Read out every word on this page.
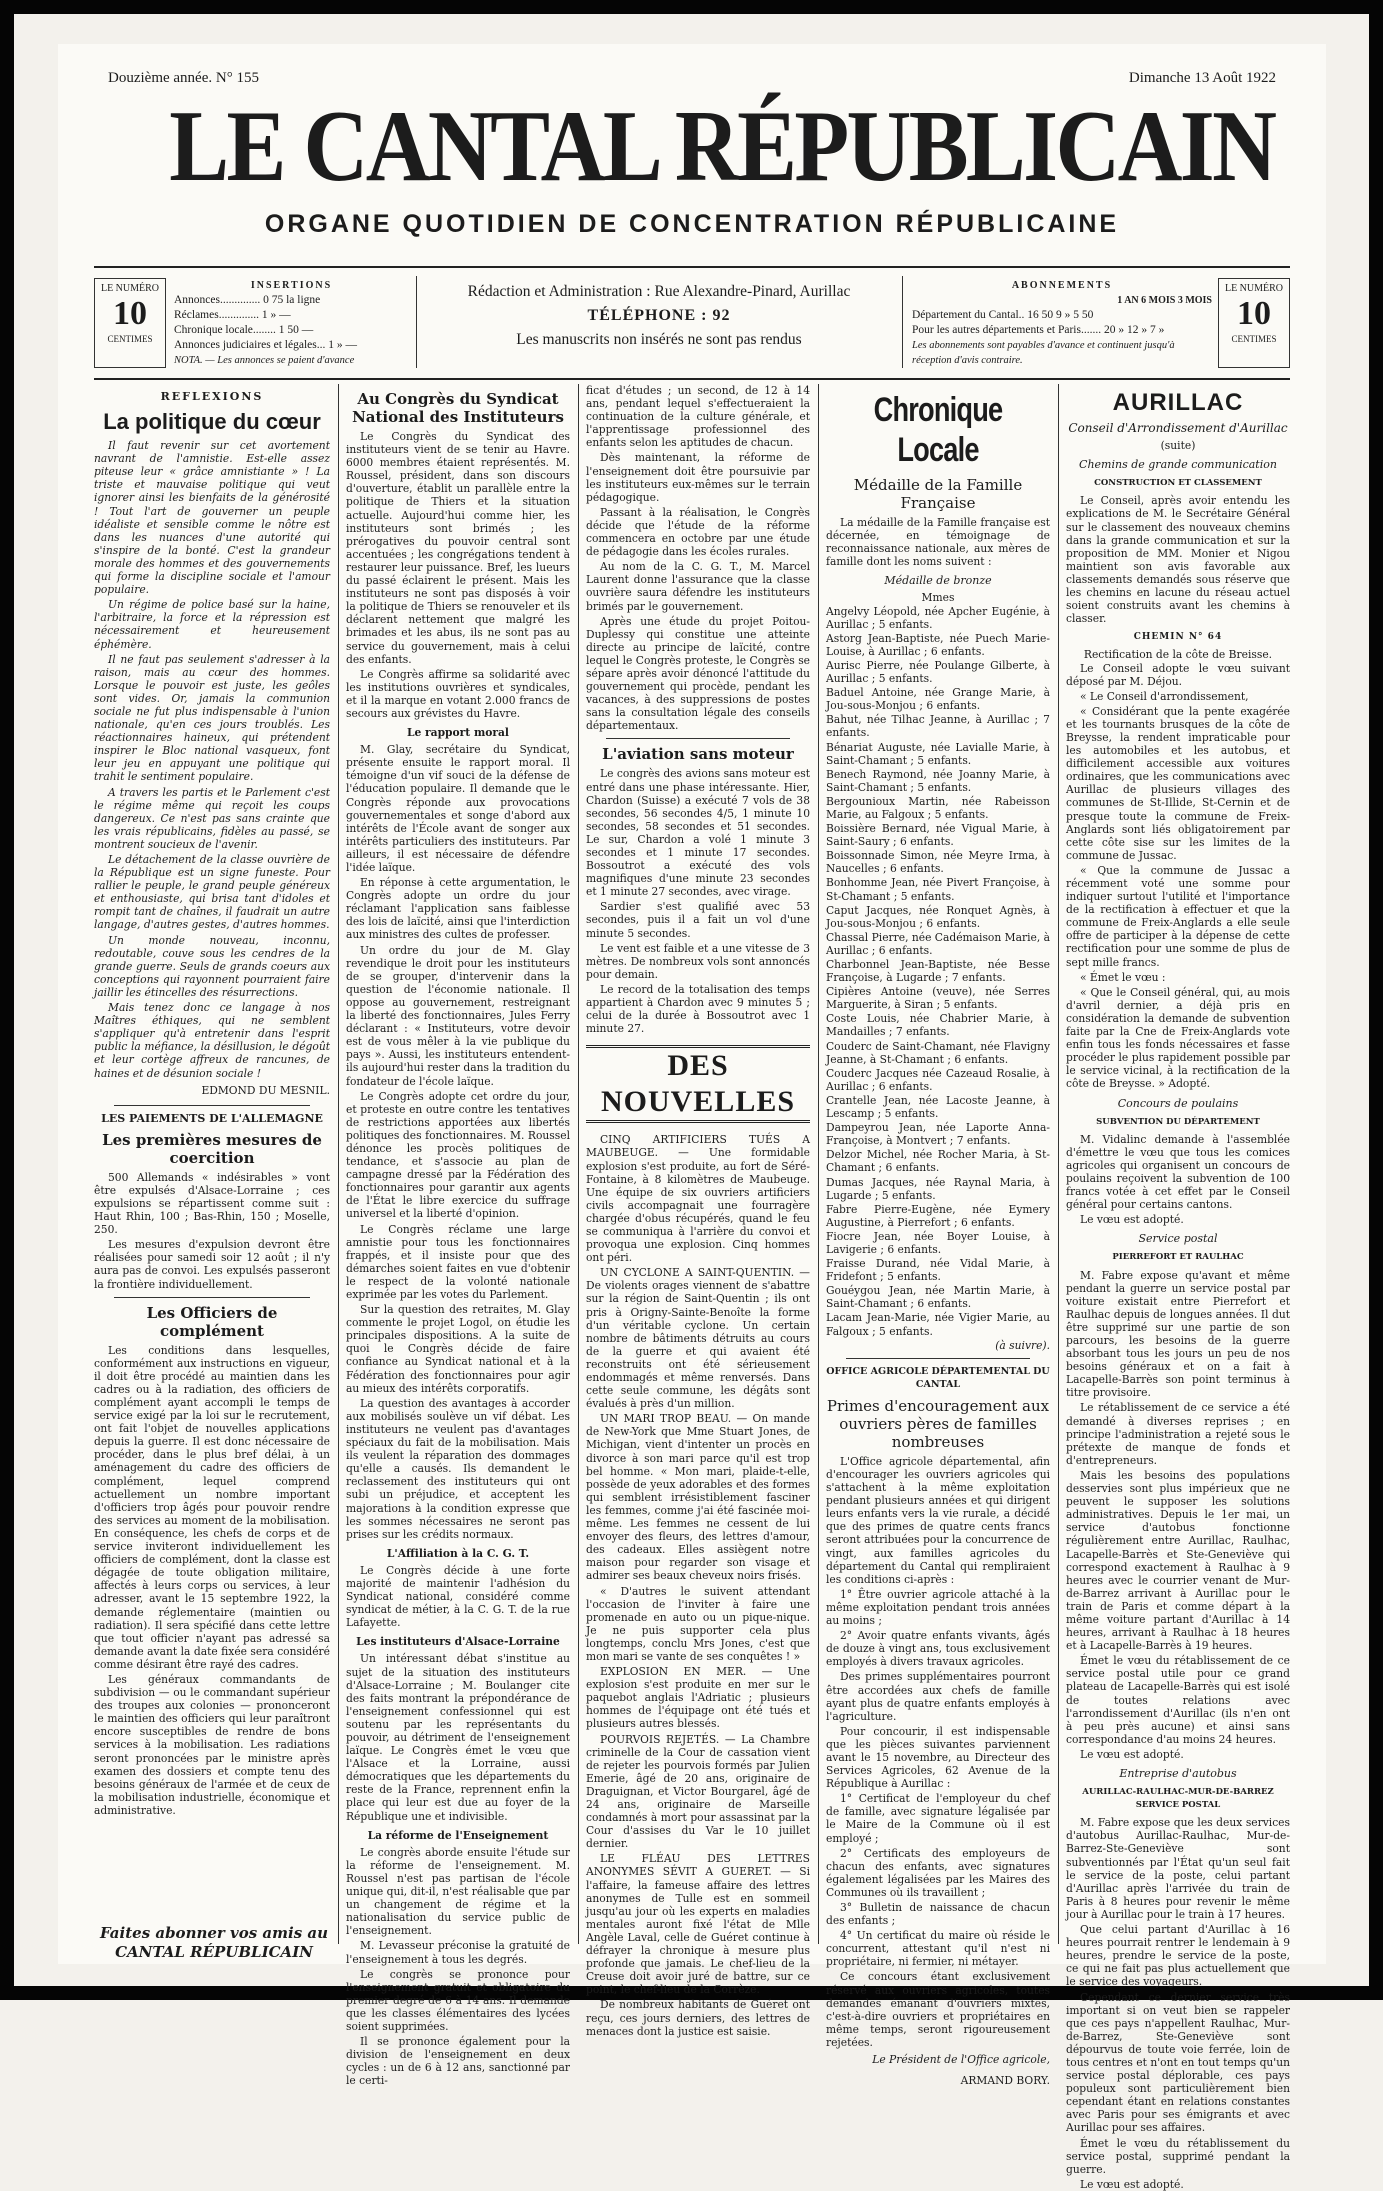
Douzième année. N° 155	Dimanche 13 Août 1922
LE CANTAL RÉPUBLICAIN
ORGANE QUOTIDIEN DE CONCENTRATION RÉPUBLICAINE
LE NUMÉRO
10
CENTIMES
INSERTIONS
Annonces.............. 0 75 la ligne
Réclames.............. 1 » —
Chronique locale........ 1 50 —
Annonces judiciaires et légales... 1 » —
NOTA. — Les annonces se paient d'avance
Rédaction et Administration : Rue Alexandre-Pinard, Aurillac
TÉLÉPHONE : 92
Les manuscrits non insérés ne sont pas rendus
ABONNEMENTS
1 AN 6 MOIS 3 MOIS
Département du Cantal.. 16 50 9 » 5 50
Pour les autres départements et Paris....... 20 » 12 » 7 »
Les abonnements sont payables d'avance et continuent jusqu'à réception d'avis contraire.
LE NUMÉRO
10
CENTIMES
REFLEXIONS
La politique du cœur

Il faut revenir sur cet avortement navrant de l'amnistie. Est-elle assez piteuse leur « grâce amnistiante » ! La triste et mauvaise politique qui veut ignorer ainsi les bienfaits de la générosité ! Tout l'art de gouverner un peuple idéaliste et sensible comme le nôtre est dans les nuances d'une autorité qui s'inspire de la bonté. C'est la grandeur morale des hommes et des gouvernements qui forme la discipline sociale et l'amour populaire.

Un régime de police basé sur la haine, l'arbitraire, la force et la répression est nécessairement et heureusement éphémère.

Il ne faut pas seulement s'adresser à la raison, mais au cœur des hommes. Lorsque le pouvoir est juste, les geôles sont vides. Or, jamais la communion sociale ne fut plus indispensable à l'union nationale, qu'en ces jours troublés. Les réactionnaires haineux, qui prétendent inspirer le Bloc national vasqueux, font leur jeu en appuyant une politique qui trahit le sentiment populaire.

A travers les partis et le Parlement c'est le régime même qui reçoit les coups dangereux. Ce n'est pas sans crainte que les vrais républicains, fidèles au passé, se montrent soucieux de l'avenir.

Le détachement de la classe ouvrière de la République est un signe funeste. Pour rallier le peuple, le grand peuple généreux et enthousiaste, qui brisa tant d'idoles et rompit tant de chaînes, il faudrait un autre langage, d'autres gestes, d'autres hommes.

Un monde nouveau, inconnu, redoutable, couve sous les cendres de la grande guerre. Seuls de grands coeurs aux conceptions qui rayonnent pourraient faire jaillir les étincelles des résurrections.

Mais tenez donc ce langage à nos Maîtres éthiques, qui ne semblent s'appliquer qu'à entretenir dans l'esprit public la méfiance, la désillusion, le dégoût et leur cortège affreux de rancunes, de haines et de désunion sociale !

EDMOND DU MESNIL.
LES PAIEMENTS DE L'ALLEMAGNE
Les premières mesures de coercition

500 Allemands « indésirables » vont être expulsés d'Alsace-Lorraine ; ces expulsions se répartissent comme suit : Haut Rhin, 100 ; Bas-Rhin, 150 ; Moselle, 250.

Les mesures d'expulsion devront être réalisées pour samedi soir 12 août ; il n'y aura pas de convoi. Les expulsés passeront la frontière individuellement.

Les Officiers de complément

Les conditions dans lesquelles, conformément aux instructions en vigueur, il doit être procédé au maintien dans les cadres ou à la radiation, des officiers de complément ayant accompli le temps de service exigé par la loi sur le recrutement, ont fait l'objet de nouvelles applications depuis la guerre. Il est donc nécessaire de procéder, dans le plus bref délai, à un aménagement du cadre des officiers de complément, lequel comprend actuellement un nombre important d'officiers trop âgés pour pouvoir rendre des services au moment de la mobilisation. En conséquence, les chefs de corps et de service inviteront individuellement les officiers de complément, dont la classe est dégagée de toute obligation militaire, affectés à leurs corps ou services, à leur adresser, avant le 15 septembre 1922, la demande réglementaire (maintien ou radiation). Il sera spécifié dans cette lettre que tout officier n'ayant pas adressé sa demande avant la date fixée sera considéré comme désirant être rayé des cadres.

Les généraux commandants de subdivision — ou le commandant supérieur des troupes aux colonies — prononceront le maintien des officiers qui leur paraîtront encore susceptibles de rendre de bons services à la mobilisation. Les radiations seront prononcées par le ministre après examen des dossiers et compte tenu des besoins généraux de l'armée et de ceux de la mobilisation industrielle, économique et administrative.

Faites abonner vos amis au CANTAL RÉPUBLICAIN
Au Congrès du Syndicat National des Instituteurs

Le Congrès du Syndicat des instituteurs vient de se tenir au Havre. 6000 membres étaient représentés. M. Roussel, président, dans son discours d'ouverture, établit un parallèle entre la politique de Thiers et la situation actuelle. Aujourd'hui comme hier, les instituteurs sont brimés ; les prérogatives du pouvoir central sont accentuées ; les congrégations tendent à restaurer leur puissance. Bref, les lueurs du passé éclairent le présent. Mais les instituteurs ne sont pas disposés à voir la politique de Thiers se renouveler et ils déclarent nettement que malgré les brimades et les abus, ils ne sont pas au service du gouvernement, mais à celui des enfants.

Le Congrès affirme sa solidarité avec les institutions ouvrières et syndicales, et il la marque en votant 2.000 francs de secours aux grévistes du Havre.

Le rapport moral

M. Glay, secrétaire du Syndicat, présente ensuite le rapport moral. Il témoigne d'un vif souci de la défense de l'éducation populaire. Il demande que le Congrès réponde aux provocations gouvernementales et songe d'abord aux intérêts de l'École avant de songer aux intérêts particuliers des instituteurs. Par ailleurs, il est nécessaire de défendre l'idée laïque.

En réponse à cette argumentation, le Congrès adopte un ordre du jour réclamant l'application sans faiblesse des lois de laïcité, ainsi que l'interdiction aux ministres des cultes de professer.

Un ordre du jour de M. Glay revendique le droit pour les instituteurs de se grouper, d'intervenir dans la question de l'économie nationale. Il oppose au gouvernement, restreignant la liberté des fonctionnaires, Jules Ferry déclarant : « Instituteurs, votre devoir est de vous mêler à la vie publique du pays ». Aussi, les instituteurs entendent-ils aujourd'hui rester dans la tradition du fondateur de l'école laïque.

Le Congrès adopte cet ordre du jour, et proteste en outre contre les tentatives de restrictions apportées aux libertés politiques des fonctionnaires. M. Roussel dénonce les procès politiques de tendance, et s'associe au plan de campagne dressé par la Fédération des fonctionnaires pour garantir aux agents de l'État le libre exercice du suffrage universel et la liberté d'opinion.

Le Congrès réclame une large amnistie pour tous les fonctionnaires frappés, et il insiste pour que des démarches soient faites en vue d'obtenir le respect de la volonté nationale exprimée par les votes du Parlement.

Sur la question des retraites, M. Glay commente le projet Logol, on étudie les principales dispositions. A la suite de quoi le Congrès décide de faire confiance au Syndicat national et à la Fédération des fonctionnaires pour agir au mieux des intérêts corporatifs.

La question des avantages à accorder aux mobilisés soulève un vif débat. Les instituteurs ne veulent pas d'avantages spéciaux du fait de la mobilisation. Mais ils veulent la réparation des dommages qu'elle a causés. Ils demandent le reclassement des instituteurs qui ont subi un préjudice, et acceptent les majorations à la condition expresse que les sommes nécessaires ne seront pas prises sur les crédits normaux.

L'Affiliation à la C. G. T.

Le Congrès décide à une forte majorité de maintenir l'adhésion du Syndicat national, considéré comme syndicat de métier, à la C. G. T. de la rue Lafayette.

Les instituteurs d'Alsace-Lorraine

Un intéressant débat s'institue au sujet de la situation des instituteurs d'Alsace-Lorraine ; M. Boulanger cite des faits montrant la prépondérance de l'enseignement confessionnel qui est soutenu par les représentants du pouvoir, au détriment de l'enseignement laïque. Le Congrès émet le vœu que l'Alsace et la Lorraine, aussi démocratiques que les départements du reste de la France, reprennent enfin la place qui leur est due au foyer de la République une et indivisible.

La réforme de l'Enseignement

Le congrès aborde ensuite l'étude sur la réforme de l'enseignement. M. Roussel n'est pas partisan de l'école unique qui, dit-il, n'est réalisable que par un changement de régime et la nationalisation du service public de l'enseignement.

M. Levasseur préconise la gratuité de l'enseignement à tous les degrés.

Le congrès se prononce pour l'enseignement gratuit et obligatoire du premier degré de 6 à 14 ans. Il demande que les classes élémentaires des lycées soient supprimées.

Il se prononce également pour la division de l'enseignement en deux cycles : un de 6 à 12 ans, sanctionné par le certi-

ficat d'études ; un second, de 12 à 14 ans, pendant lequel s'effectueraient la continuation de la culture générale, et l'apprentissage professionnel des enfants selon les aptitudes de chacun.

Dès maintenant, la réforme de l'enseignement doit être poursuivie par les instituteurs eux-mêmes sur le terrain pédagogique.

Passant à la réalisation, le Congrès décide que l'étude de la réforme commencera en octobre par une étude de pédagogie dans les écoles rurales.

Au nom de la C. G. T., M. Marcel Laurent donne l'assurance que la classe ouvrière saura défendre les instituteurs brimés par le gouvernement.

Après une étude du projet Poitou-Duplessy qui constitue une atteinte directe au principe de laïcité, contre lequel le Congrès proteste, le Congrès se sépare après avoir dénoncé l'attitude du gouvernement qui procède, pendant les vacances, à des suppressions de postes sans la consultation légale des conseils départementaux.

L'aviation sans moteur

Le congrès des avions sans moteur est entré dans une phase intéressante. Hier, Chardon (Suisse) a exécuté 7 vols de 38 secondes, 56 secondes 4/5, 1 minute 10 secondes, 58 secondes et 51 secondes. Le sur, Chardon a volé 1 minute 3 secondes et 1 minute 17 secondes. Bossoutrot a exécuté des vols magnifiques d'une minute 23 secondes et 1 minute 27 secondes, avec virage.

Sardier s'est qualifié avec 53 secondes, puis il a fait un vol d'une minute 5 secondes.

Le vent est faible et a une vitesse de 3 mètres. De nombreux vols sont annoncés pour demain.

Le record de la totalisation des temps appartient à Chardon avec 9 minutes 5 ; celui de la durée à Bossoutrot avec 1 minute 27.

DES NOUVELLES

CINQ ARTIFICIERS TUÉS A MAUBEUGE. — Une formidable explosion s'est produite, au fort de Séré-Fontaine, à 8 kilomètres de Maubeuge. Une équipe de six ouvriers artificiers civils accompagnait une fourragère chargée d'obus récupérés, quand le feu se communiqua à l'arrière du convoi et provoqua une explosion. Cinq hommes ont péri.

UN CYCLONE A SAINT-QUENTIN. — De violents orages viennent de s'abattre sur la région de Saint-Quentin ; ils ont pris à Origny-Sainte-Benoîte la forme d'un véritable cyclone. Un certain nombre de bâtiments détruits au cours de la guerre et qui avaient été reconstruits ont été sérieusement endommagés et même renversés. Dans cette seule commune, les dégâts sont évalués à près d'un million.

UN MARI TROP BEAU. — On mande de New-York que Mme Stuart Jones, de Michigan, vient d'intenter un procès en divorce à son mari parce qu'il est trop bel homme. « Mon mari, plaide-t-elle, possède de yeux adorables et des formes qui semblent irrésistiblement fasciner les femmes, comme j'ai été fascinée moi-même. Les femmes ne cessent de lui envoyer des fleurs, des lettres d'amour, des cadeaux. Elles assiègent notre maison pour regarder son visage et admirer ses beaux cheveux noirs frisés.

« D'autres le suivent attendant l'occasion de l'inviter à faire une promenade en auto ou un pique-nique. Je ne puis supporter cela plus longtemps, conclu Mrs Jones, c'est que mon mari se vante de ses conquêtes ! »

EXPLOSION EN MER. — Une explosion s'est produite en mer sur le paquebot anglais l'Adriatic ; plusieurs hommes de l'équipage ont été tués et plusieurs autres blessés.

POURVOIS REJETÉS. — La Chambre criminelle de la Cour de cassation vient de rejeter les pourvois formés par Julien Emerie, âgé de 20 ans, originaire de Draguignan, et Victor Bourgarel, âgé de 24 ans, originaire de Marseille condamnés à mort pour assassinat par la Cour d'assises du Var le 10 juillet dernier.

LE FLÉAU DES LETTRES ANONYMES SÉVIT A GUERET. — Si l'affaire, la fameuse affaire des lettres anonymes de Tulle est en sommeil jusqu'au jour où les experts en maladies mentales auront fixé l'état de Mlle Angèle Laval, celle de Guéret continue à défrayer la chronique à mesure plus profonde que jamais. Le chef-lieu de la Creuse doit avoir juré de battre, sur ce point, le chef-lieu de la Corrèze.

De nombreux habitants de Guéret ont reçu, ces jours derniers, des lettres de menaces dont la justice est saisie.

Chronique Locale
Médaille de la Famille Française

La médaille de la Famille française est décernée, en témoignage de reconnaissance nationale, aux mères de famille dont les noms suivent :

Médaille de bronze
Mmes
Angelvy Léopold, née Apcher Eugénie, à Aurillac ; 5 enfants.
Astorg Jean-Baptiste, née Puech Marie-Louise, à Aurillac ; 6 enfants.
Aurisc Pierre, née Poulange Gilberte, à Aurillac ; 5 enfants.
Baduel Antoine, née Grange Marie, à Jou-sous-Monjou ; 6 enfants.
Bahut, née Tilhac Jeanne, à Aurillac ; 7 enfants.
Bénariat Auguste, née Lavialle Marie, à Saint-Chamant ; 5 enfants.
Benech Raymond, née Joanny Marie, à Saint-Chamant ; 5 enfants.
Bergounioux Martin, née Rabeisson Marie, au Falgoux ; 5 enfants.
Boissière Bernard, née Vigual Marie, à Saint-Saury ; 6 enfants.
Boissonnade Simon, née Meyre Irma, à Naucelles ; 6 enfants.
Bonhomme Jean, née Pivert Françoise, à St-Chamant ; 5 enfants.
Caput Jacques, née Ronquet Agnès, à Jou-sous-Monjou ; 6 enfants.
Chassal Pierre, née Cadémaison Marie, à Aurillac ; 6 enfants.
Charbonnel Jean-Baptiste, née Besse Françoise, à Lugarde ; 7 enfants.
Cipières Antoine (veuve), née Serres Marguerite, à Siran ; 5 enfants.
Coste Louis, née Chabrier Marie, à Mandailles ; 7 enfants.
Couderc de Saint-Chamant, née Flavigny Jeanne, à St-Chamant ; 6 enfants.
Couderc Jacques née Cazeaud Rosalie, à Aurillac ; 6 enfants.
Crantelle Jean, née Lacoste Jeanne, à Lescamp ; 5 enfants.
Dampeyrou Jean, née Laporte Anna-Françoise, à Montvert ; 7 enfants.
Delzor Michel, née Rocher Maria, à St-Chamant ; 6 enfants.
Dumas Jacques, née Raynal Maria, à Lugarde ; 5 enfants.
Fabre Pierre-Eugène, née Eymery Augustine, à Pierrefort ; 6 enfants.
Fiocre Jean, née Boyer Louise, à Lavigerie ; 6 enfants.
Fraisse Durand, née Vidal Marie, à Fridefont ; 5 enfants.
Gouéygou Jean, née Martin Marie, à Saint-Chamant ; 6 enfants.
Lacam Jean-Marie, née Vigier Marie, au Falgoux ; 5 enfants.
(à suivre).
OFFICE AGRICOLE DÉPARTEMENTAL DU CANTAL
Primes d'encouragement aux ouvriers pères de familles nombreuses

L'Office agricole départemental, afin d'encourager les ouvriers agricoles qui s'attachent à la même exploitation pendant plusieurs années et qui dirigent leurs enfants vers la vie rurale, a décidé que des primes de quatre cents francs seront attribuées pour la concurrence de vingt, aux familles agricoles du département du Cantal qui rempliraient les conditions ci-après :

1° Être ouvrier agricole attaché à la même exploitation pendant trois années au moins ;

2° Avoir quatre enfants vivants, âgés de douze à vingt ans, tous exclusivement employés à divers travaux agricoles.

Des primes supplémentaires pourront être accordées aux chefs de famille ayant plus de quatre enfants employés à l'agriculture.

Pour concourir, il est indispensable que les pièces suivantes parviennent avant le 15 novembre, au Directeur des Services Agricoles, 62 Avenue de la République à Aurillac :

1° Certificat de l'employeur du chef de famille, avec signature légalisée par le Maire de la Commune où il est employé ;

2° Certificats des employeurs de chacun des enfants, avec signatures également légalisées par les Maires des Communes où ils travaillent ;

3° Bulletin de naissance de chacun des enfants ;

4° Un certificat du maire où réside le concurrent, attestant qu'il n'est ni propriétaire, ni fermier, ni métayer.

Ce concours étant exclusivement réservé aux ouvriers agricoles, toutes demandes émanant d'ouvriers mixtes, c'est-à-dire ouvriers et propriétaires en même temps, seront rigoureusement rejetées.

Le Président de l'Office agricole,
ARMAND BORY.
AURILLAC
Conseil d'Arrondissement d'Aurillac
(suite)
Chemins de grande communication
CONSTRUCTION ET CLASSEMENT

Le Conseil, après avoir entendu les explications de M. le Secrétaire Général sur le classement des nouveaux chemins dans la grande communication et sur la proposition de MM. Monier et Nigou maintient son avis favorable aux classements demandés sous réserve que les chemins en lacune du réseau actuel soient construits avant les chemins à classer.

CHEMIN N° 64
Rectification de la côte de Breisse.

Le Conseil adopte le vœu suivant déposé par M. Déjou.

« Le Conseil d'arrondissement,

« Considérant que la pente exagérée et les tournants brusques de la côte de Breysse, la rendent impraticable pour les automobiles et les autobus, et difficilement accessible aux voitures ordinaires, que les communications avec Aurillac de plusieurs villages des communes de St-Illide, St-Cernin et de presque toute la commune de Freix-Anglards sont liés obligatoirement par cette côte sise sur les limites de la commune de Jussac.

« Que la commune de Jussac a récemment voté une somme pour indiquer surtout l'utilité et l'importance de la rectification à effectuer et que la commune de Freix-Anglards a elle seule offre de participer à la dépense de cette rectification pour une somme de plus de sept mille francs.

« Émet le vœu :

« Que le Conseil général, qui, au mois d'avril dernier, a déjà pris en considération la demande de subvention faite par la Cne de Freix-Anglards vote enfin tous les fonds nécessaires et fasse procéder le plus rapidement possible par le service vicinal, à la rectification de la côte de Breysse. » Adopté.

Concours de poulains
SUBVENTION DU DÉPARTEMENT

M. Vidalinc demande à l'assemblée d'émettre le vœu que tous les comices agricoles qui organisent un concours de poulains reçoivent la subvention de 100 francs votée à cet effet par le Conseil général pour certains cantons.

Le vœu est adopté.

Service postal
PIERREFORT ET RAULHAC

M. Fabre expose qu'avant et même pendant la guerre un service postal par voiture existait entre Pierrefort et Raulhac depuis de longues années. Il dut être supprimé sur une partie de son parcours, les besoins de la guerre absorbant tous les jours un peu de nos besoins généraux et on a fait à Lacapelle-Barrès son point terminus à titre provisoire.

Le rétablissement de ce service a été demandé à diverses reprises ; en principe l'administration a rejeté sous le prétexte de manque de fonds et d'entrepreneurs.

Mais les besoins des populations desservies sont plus impérieux que ne peuvent le supposer les solutions administratives. Depuis le 1er mai, un service d'autobus fonctionne régulièrement entre Aurillac, Raulhac, Lacapelle-Barrès et Ste-Geneviève qui correspond exactement à Raulhac à 9 heures avec le courrier venant de Mur-de-Barrez arrivant à Aurillac pour le train de Paris et comme départ à la même voiture partant d'Aurillac à 14 heures, arrivant à Raulhac à 18 heures et à Lacapelle-Barrès à 19 heures.

Émet le vœu du rétablissement de ce service postal utile pour ce grand plateau de Lacapelle-Barrès qui est isolé de toutes relations avec l'arrondissement d'Aurillac (ils n'en ont à peu près aucune) et ainsi sans correspondance d'au moins 24 heures.

Le vœu est adopté.

Entreprise d'autobus
AURILLAC-RAULHAC-MUR-DE-BARREZ SERVICE POSTAL

M. Fabre expose que les deux services d'autobus Aurillac-Raulhac, Mur-de-Barrez-Ste-Geneviève sont subventionnés par l'État qu'un seul fait le service de la poste, celui partant d'Aurillac après l'arrivée du train de Paris à 8 heures pour revenir le même jour à Aurillac pour le train à 17 heures.

Que celui partant d'Aurillac à 16 heures pourrait rentrer le lendemain à 9 heures, prendre le service de la poste, ce qui ne fait pas plus actuellement que le service des voyageurs.

Cependant ce dernier service très important si on veut bien se rappeler que ces pays n'appellent Raulhac, Mur-de-Barrez, Ste-Geneviève sont dépourvus de toute voie ferrée, loin de tous centres et n'ont en tout temps qu'un service postal déplorable, ces pays populeux sont particulièrement bien cependant étant en relations constantes avec Paris pour ses émigrants et avec Aurillac pour ses affaires.

Émet le vœu du rétablissement du service postal, supprimé pendant la guerre.

Le vœu est adopté.
